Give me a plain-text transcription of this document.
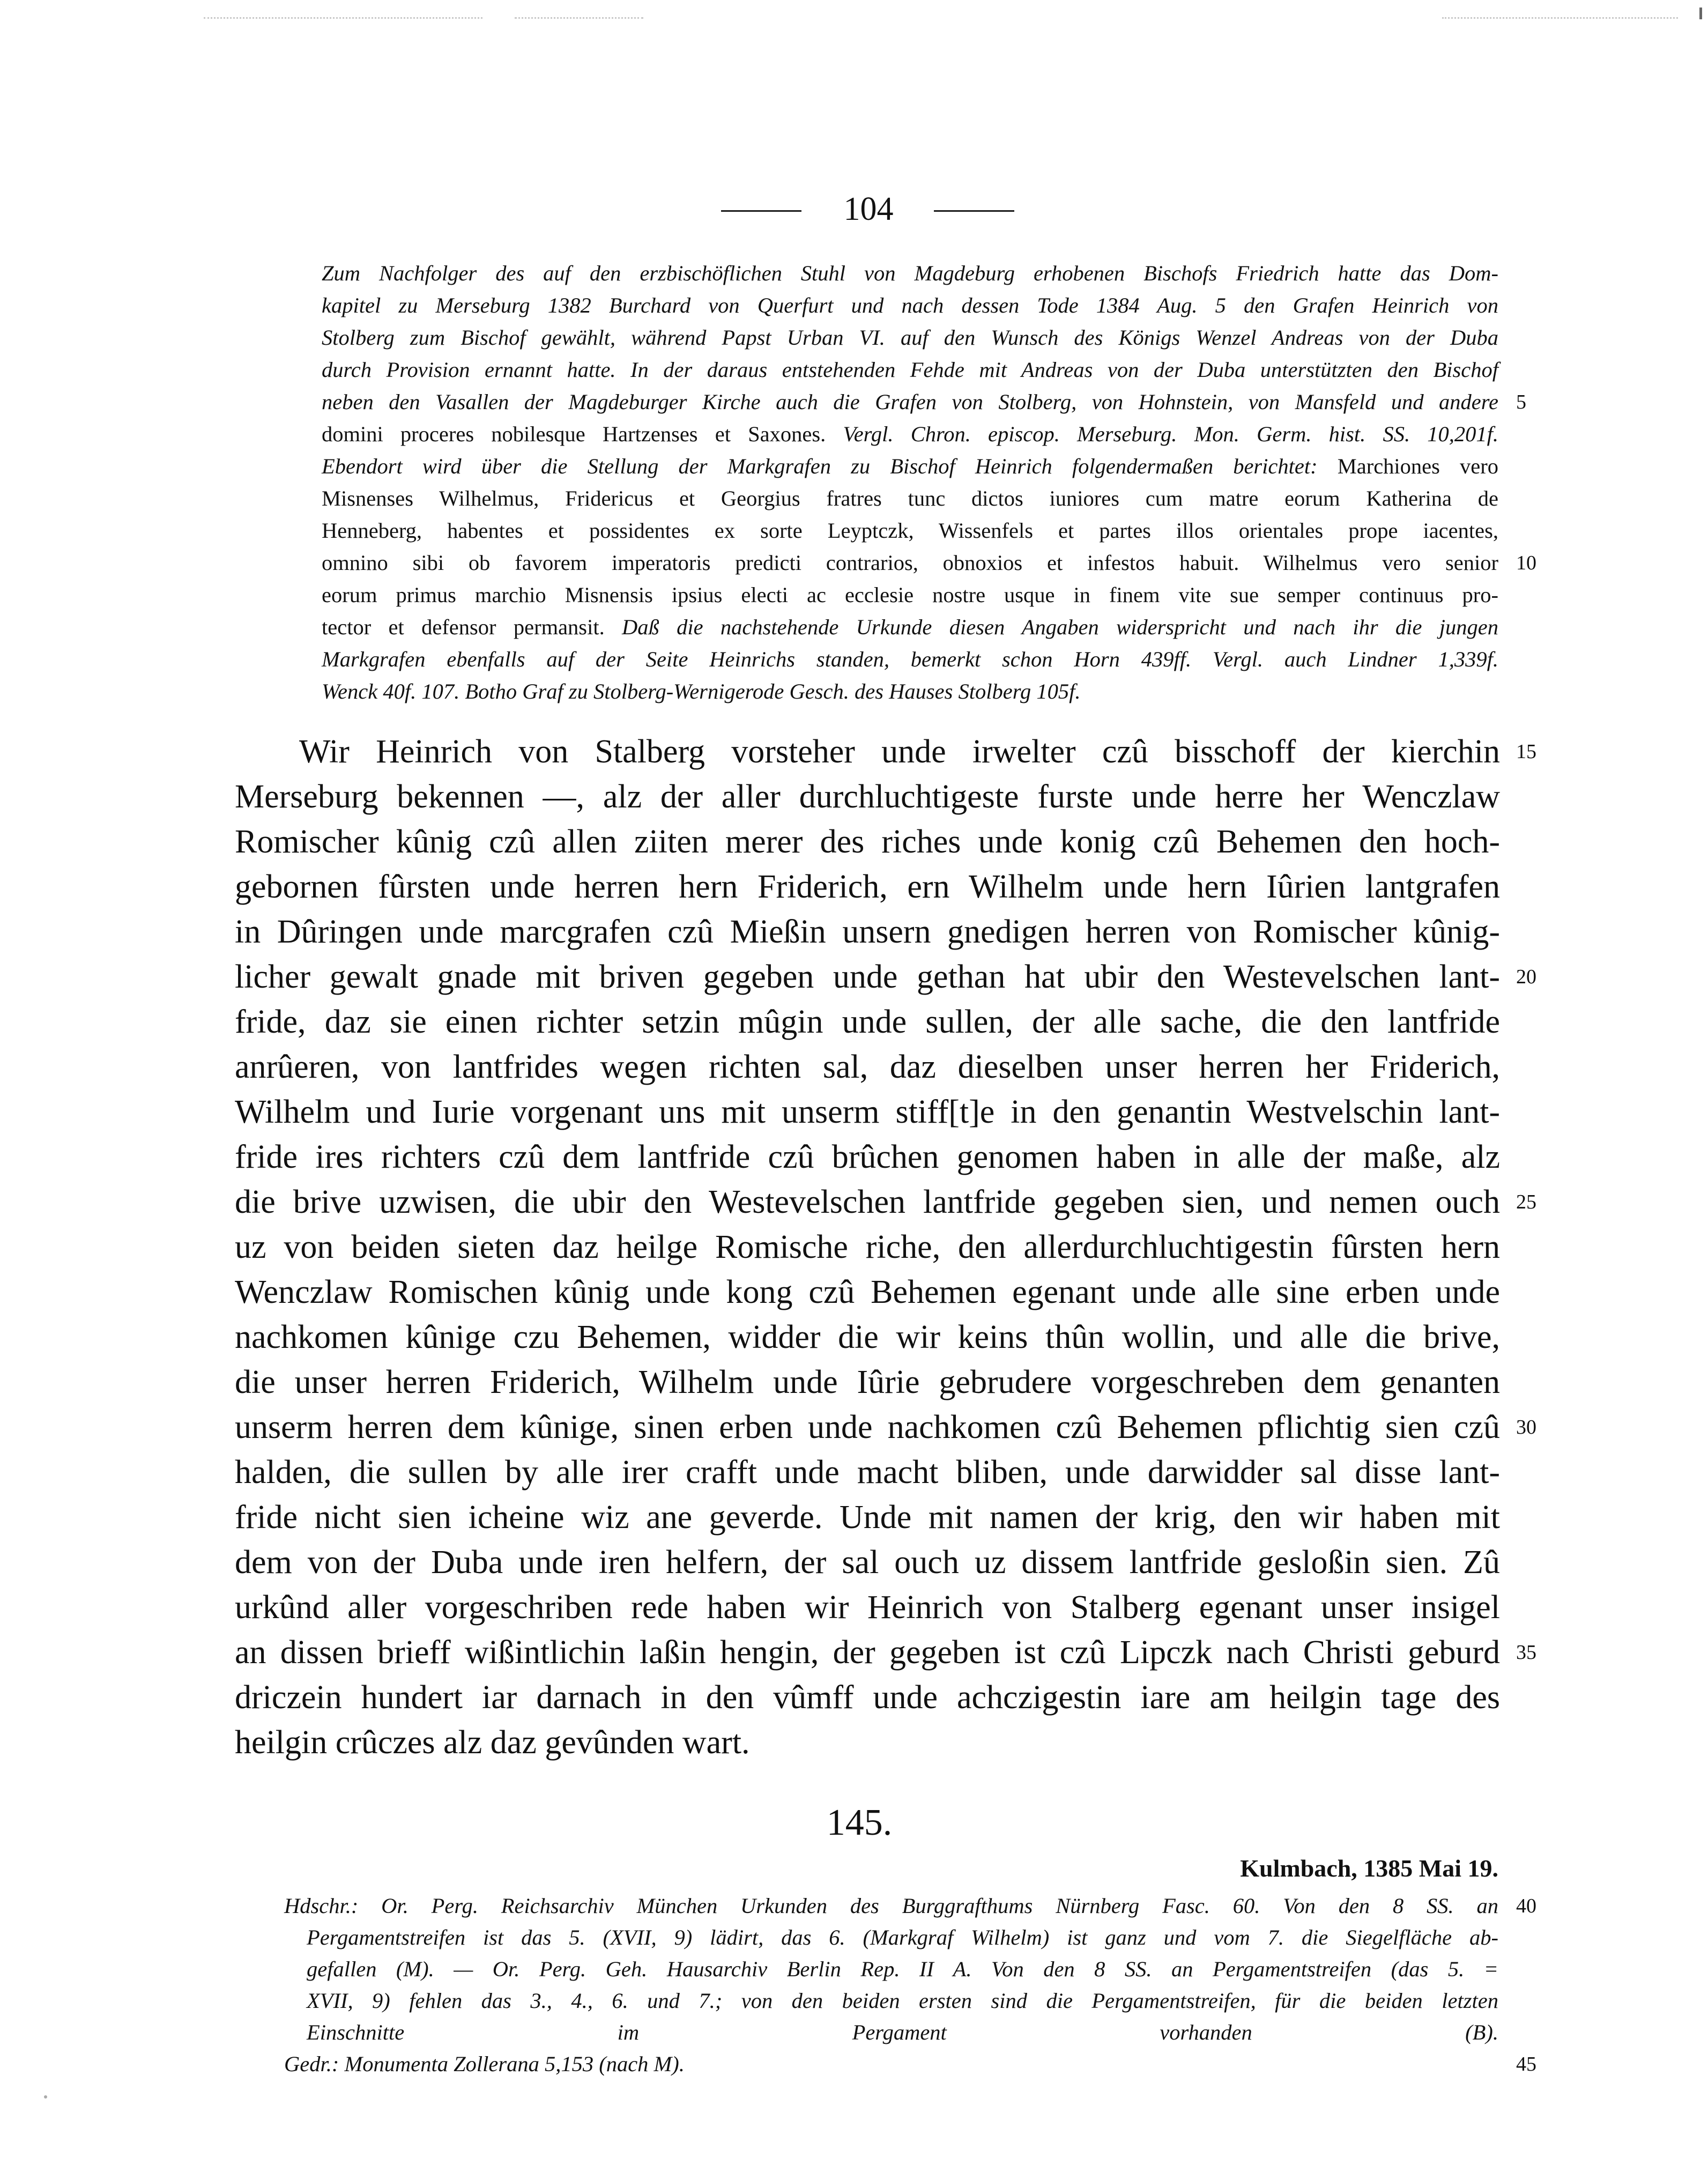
104
Zum Nachfolger des auf den erzbischöflichen Stuhl von Magdeburg erhobenen Bischofs Friedrich hatte das Dom-
kapitel zu Merseburg 1382 Burchard von Querfurt und nach dessen Tode 1384 Aug. 5 den Grafen Heinrich von
Stolberg zum Bischof gewählt, während Papst Urban VI. auf den Wunsch des Königs Wenzel Andreas von der Duba
durch Provision ernannt hatte. In der daraus entstehenden Fehde mit Andreas von der Duba unterstützten den Bischof
neben den Vasallen der Magdeburger Kirche auch die Grafen von Stolberg, von Hohnstein, von Mansfeld und andere 5
domini proceres nobilesque Hartzenses et Saxones. Vergl. Chron. episcop. Merseburg. Mon. Germ. hist. SS. 10,201f.
Ebendort wird über die Stellung der Markgrafen zu Bischof Heinrich folgendermaßen berichtet: Marchiones vero
Misnenses Wilhelmus, Fridericus et Georgius fratres tunc dictos iuniores cum matre eorum Katherina de
Henneberg, habentes et possidentes ex sorte Leyptczk, Wissenfels et partes illos orientales prope iacentes,
omnino sibi ob favorem imperatoris predicti contrarios, obnoxios et infestos habuit. Wilhelmus vero senior 10
eorum primus marchio Misnensis ipsius electi ac ecclesie nostre usque in finem vite sue semper continuus pro-
tector et defensor permansit. Daß die nachstehende Urkunde diesen Angaben widerspricht und nach ihr die jungen
Markgrafen ebenfalls auf der Seite Heinrichs standen, bemerkt schon Horn 439ff. Vergl. auch Lindner 1,339f.
Wenck 40f. 107. Botho Graf zu Stolberg-Wernigerode Gesch. des Hauses Stolberg 105f.
Wir Heinrich von Stalberg vorsteher unde irwelter czû bisschoff der kierchin 15
Merseburg bekennen —, alz der aller durchluchtigeste furste unde herre her Wenczlaw
Romischer kûnig czû allen ziiten merer des riches unde konig czû Behemen den hoch-
gebornen fûrsten unde herren hern Friderich, ern Wilhelm unde hern Iûrien lantgrafen
in Dûringen unde marcgrafen czû Mießin unsern gnedigen herren von Romischer kûnig-
licher gewalt gnade mit briven gegeben unde gethan hat ubir den Westevelschen lant- 20
fride, daz sie einen richter setzin mûgin unde sullen, der alle sache, die den lantfride
anrûeren, von lantfrides wegen richten sal, daz dieselben unser herren her Friderich,
Wilhelm und Iurie vorgenant uns mit unserm stiff[t]e in den genantin Westvelschin lant-
fride ires richters czû dem lantfride czû brûchen genomen haben in alle der maße, alz
die brive uzwisen, die ubir den Westevelschen lantfride gegeben sien, und nemen ouch 25
uz von beiden sieten daz heilge Romische riche, den allerdurchluchtigestin fûrsten hern
Wenczlaw Romischen kûnig unde kong czû Behemen egenant unde alle sine erben unde
nachkomen kûnige czu Behemen, widder die wir keins thûn wollin, und alle die brive,
die unser herren Friderich, Wilhelm unde Iûrie gebrudere vorgeschreben dem genanten
unserm herren dem kûnige, sinen erben unde nachkomen czû Behemen pflichtig sien czû 30
halden, die sullen by alle irer crafft unde macht bliben, unde darwidder sal disse lant-
fride nicht sien icheine wiz ane geverde. Unde mit namen der krig, den wir haben mit
dem von der Duba unde iren helfern, der sal ouch uz dissem lantfride gesloßin sien. Zû
urkûnd aller vorgeschriben rede haben wir Heinrich von Stalberg egenant unser insigel
an dissen brieff wißintlichin laßin hengin, der gegeben ist czû Lipczk nach Christi geburd 35
driczein hundert iar darnach in den vûmff unde achczigestin iare am heilgin tage des
heilgin crûczes alz daz gevûnden wart.
145.
Kulmbach, 1385 Mai 19.
Hdschr.: Or. Perg. Reichsarchiv München Urkunden des Burggrafthums Nürnberg Fasc. 60. Von den 8 SS. an 40
Pergamentstreifen ist das 5. (XVII, 9) lädirt, das 6. (Markgraf Wilhelm) ist ganz und vom 7. die Siegelfläche ab-
gefallen (M). — Or. Perg. Geh. Hausarchiv Berlin Rep. II A. Von den 8 SS. an Pergamentstreifen (das 5. =
XVII, 9) fehlen das 3., 4., 6. und 7.; von den beiden ersten sind die Pergamentstreifen, für die beiden letzten
Einschnitte im Pergament vorhanden (B).
Gedr.: Monumenta Zollerana 5,153 (nach M).	45
